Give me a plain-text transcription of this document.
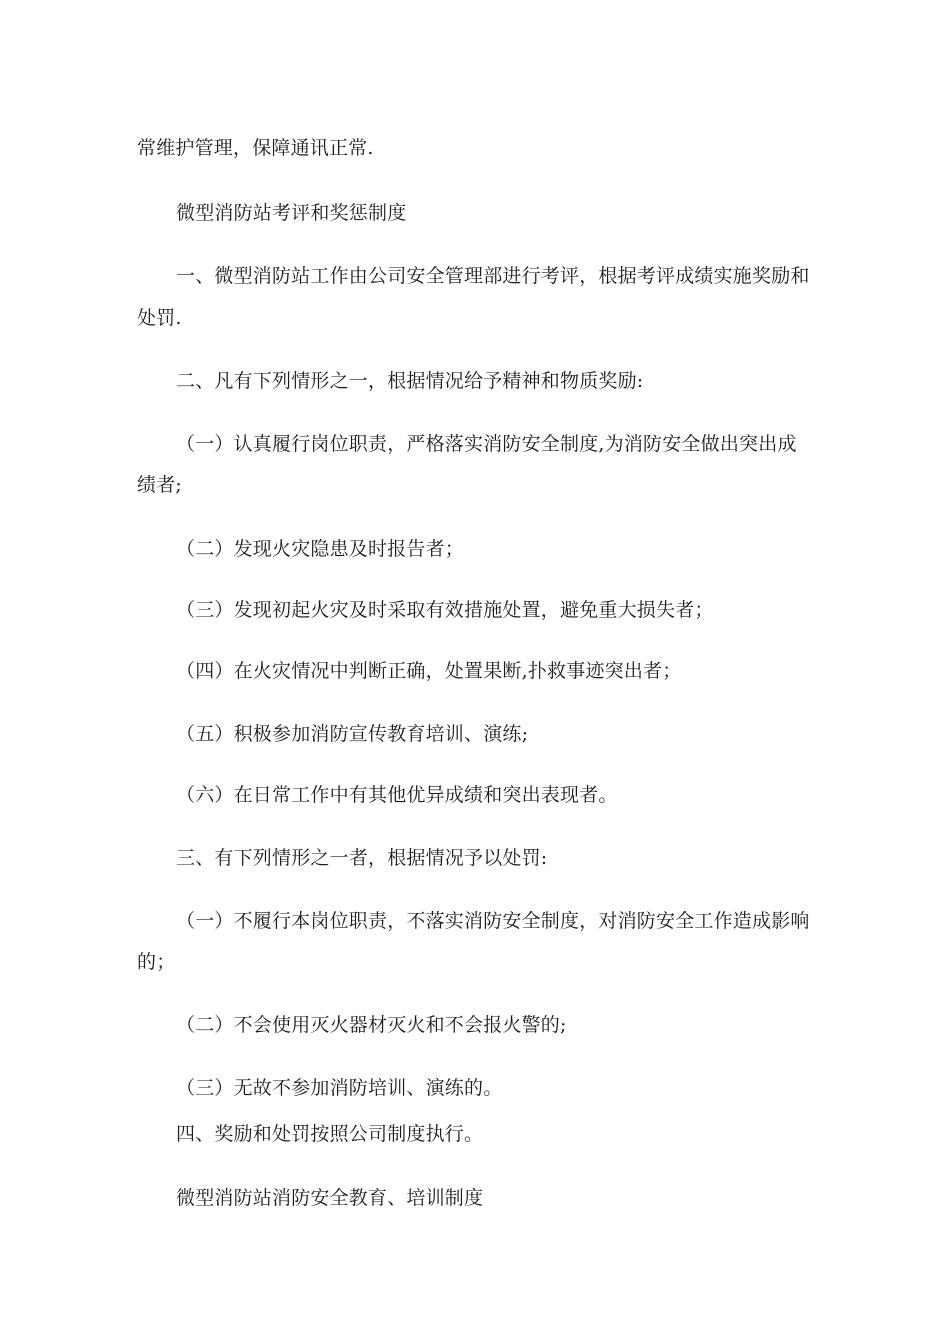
常维护管理，保障通讯正常.
微型消防站考评和奖惩制度
一、微型消防站工作由公司安全管理部进行考评，根据考评成绩实施奖励和
处罚.
二、凡有下列情形之一，根据情况给予精神和物质奖励:
（一）认真履行岗位职责，严格落实消防安全制度,为消防安全做出突出成
绩者;
（二）发现火灾隐患及时报告者；
（三）发现初起火灾及时采取有效措施处置，避免重大损失者；
（四）在火灾情况中判断正确，处置果断,扑救事迹突出者；
（五）积极参加消防宣传教育培训、演练;
（六）在日常工作中有其他优异成绩和突出表现者。
三、有下列情形之一者，根据情况予以处罚:
（一）不履行本岗位职责，不落实消防安全制度，对消防安全工作造成影响
的；
（二）不会使用灭火器材灭火和不会报火警的;
（三）无故不参加消防培训、演练的。
四、奖励和处罚按照公司制度执行。
微型消防站消防安全教育、培训制度
